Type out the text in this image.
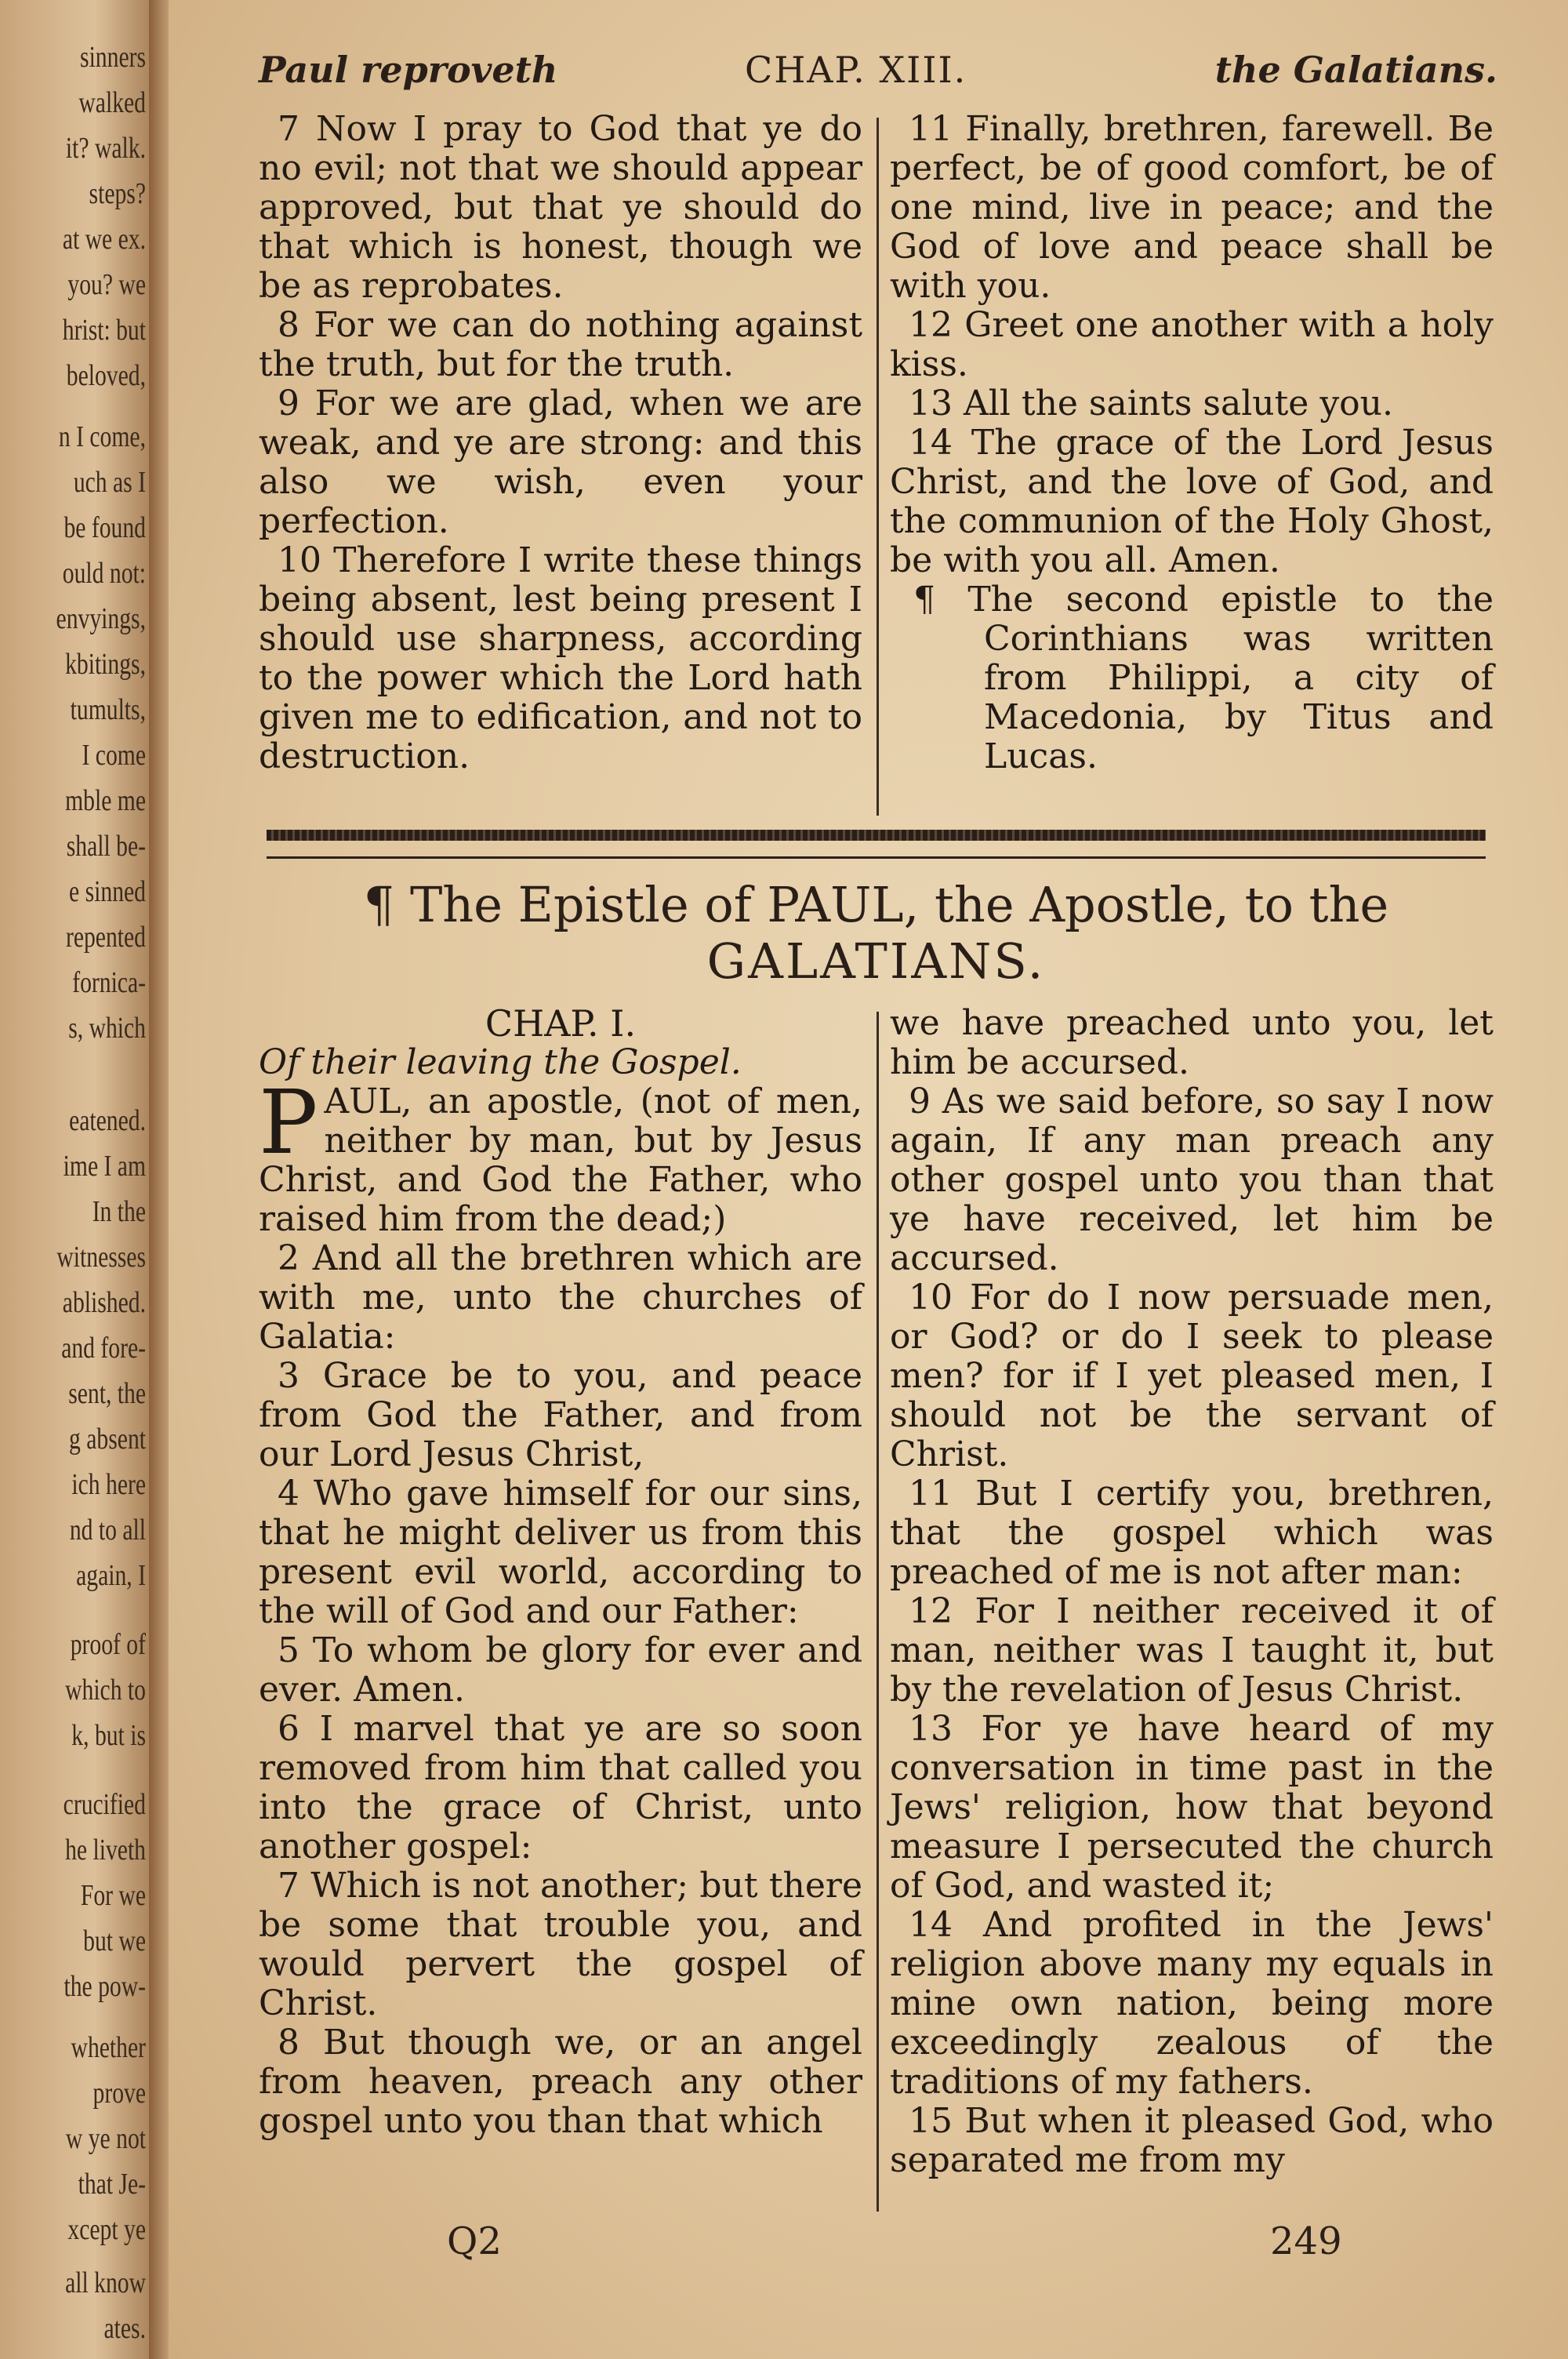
sinners
walked
it? walk.
steps?
at we ex.
you? we
hrist: but
beloved,
n I come,
uch as I
be found
ould not:
envyings,
kbitings,
tumults,
I come
mble me
shall be-
e sinned
repented
fornica-
s, which
eatened.
ime I am
In the
witnesses
ablished.
and fore-
sent, the
g absent
ich here
nd to all
again, I
proof of
which to
k, but is
crucified
he liveth
For we
but we
the pow-
whether
prove
w ye not
that Je-
xcept ye
all know
ates.
Paul reproveth	CHAP. XIII.	the Galatians.

7 Now I pray to God that ye do no evil; not that we should appear approved, but that ye should do that which is honest, though we be as reprobates.

8 For we can do nothing against the truth, but for the truth.

9 For we are glad, when we are weak, and ye are strong: and this also we wish, even your perfection.

10 Therefore I write these things being absent, lest being present I should use sharpness, according to the power which the Lord hath given me to edification, and not to destruction.

11 Finally, brethren, farewell. Be perfect, be of good comfort, be of one mind, live in peace; and the God of love and peace shall be with you.

12 Greet one another with a holy kiss.

13 All the saints salute you.

14 The grace of the Lord Jesus Christ, and the love of God, and the communion of the Holy Ghost, be with you all. Amen.

¶ The second epistle to the Corinthians was written from Philippi, a city of Macedonia, by Titus and Lucas.

¶ The Epistle of PAUL, the Apostle, to the
GALATIANS.

CHAP. I.

Of their leaving the Gospel.

PAUL, an apostle, (not of men, neither by man, but by Jesus Christ, and God the Father, who raised him from the dead;)

2 And all the brethren which are with me, unto the churches of Galatia:

3 Grace be to you, and peace from God the Father, and from our Lord Jesus Christ,

4 Who gave himself for our sins, that he might deliver us from this present evil world, according to the will of God and our Father:

5 To whom be glory for ever and ever. Amen.

6 I marvel that ye are so soon removed from him that called you into the grace of Christ, unto another gospel:

7 Which is not another; but there be some that trouble you, and would pervert the gospel of Christ.

8 But though we, or an angel from heaven, preach any other gospel unto you than that which

we have preached unto you, let him be accursed.

9 As we said before, so say I now again, If any man preach any other gospel unto you than that ye have received, let him be accursed.

10 For do I now persuade men, or God? or do I seek to please men? for if I yet pleased men, I should not be the servant of Christ.

11 But I certify you, brethren, that the gospel which was preached of me is not after man:

12 For I neither received it of man, neither was I taught it, but by the revelation of Jesus Christ.

13 For ye have heard of my conversation in time past in the Jews' religion, how that beyond measure I persecuted the church of God, and wasted it;

14 And profited in the Jews' religion above many my equals in mine own nation, being more exceedingly zealous of the traditions of my fathers.

15 But when it pleased God, who separated me from my

Q2	249
